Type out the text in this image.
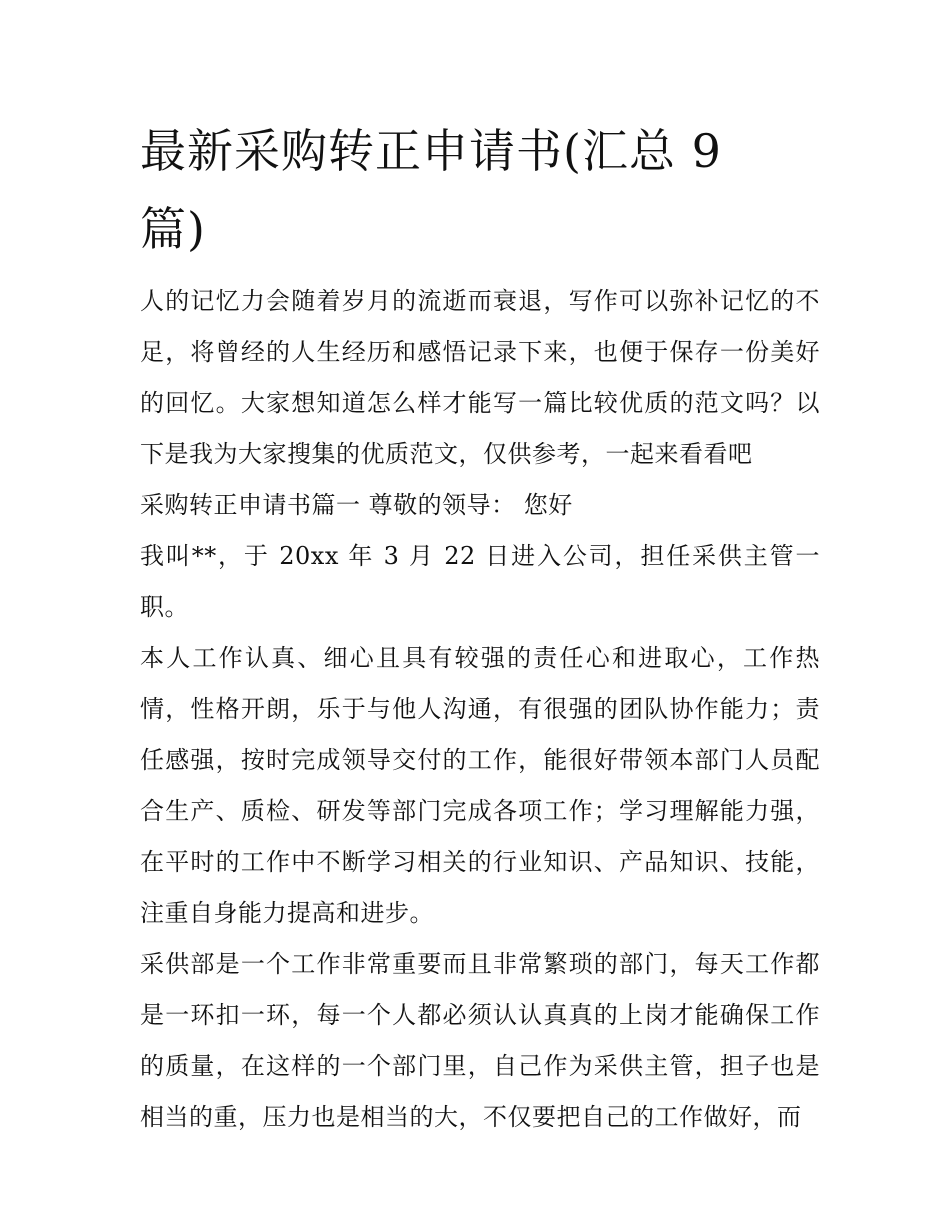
最新采购转正申请书(汇总 9 篇)

人的记忆力会随着岁月的流逝而衰退，写作可以弥补记忆的不足，将曾经的人生经历和感悟记录下来，也便于保存一份美好的回忆。大家想知道怎么样才能写一篇比较优质的范文吗？以下是我为大家搜集的优质范文，仅供参考，一起来看看吧

采购转正申请书篇一 尊敬的领导： 您好

我叫**，于 20xx 年 3 月 22 日进入公司，担任采供主管一职。

本人工作认真、细心且具有较强的责任心和进取心，工作热情，性格开朗，乐于与他人沟通，有很强的团队协作能力；责任感强，按时完成领导交付的工作，能很好带领本部门人员配合生产、质检、研发等部门完成各项工作；学习理解能力强，在平时的工作中不断学习相关的行业知识、产品知识、技能，注重自身能力提高和进步。

采供部是一个工作非常重要而且非常繁琐的部门，每天工作都是一环扣一环，每一个人都必须认认真真的上岗才能确保工作的质量，在这样的一个部门里，自己作为采供主管，担子也是相当的重，压力也是相当的大，不仅要把自己的工作做好，而
